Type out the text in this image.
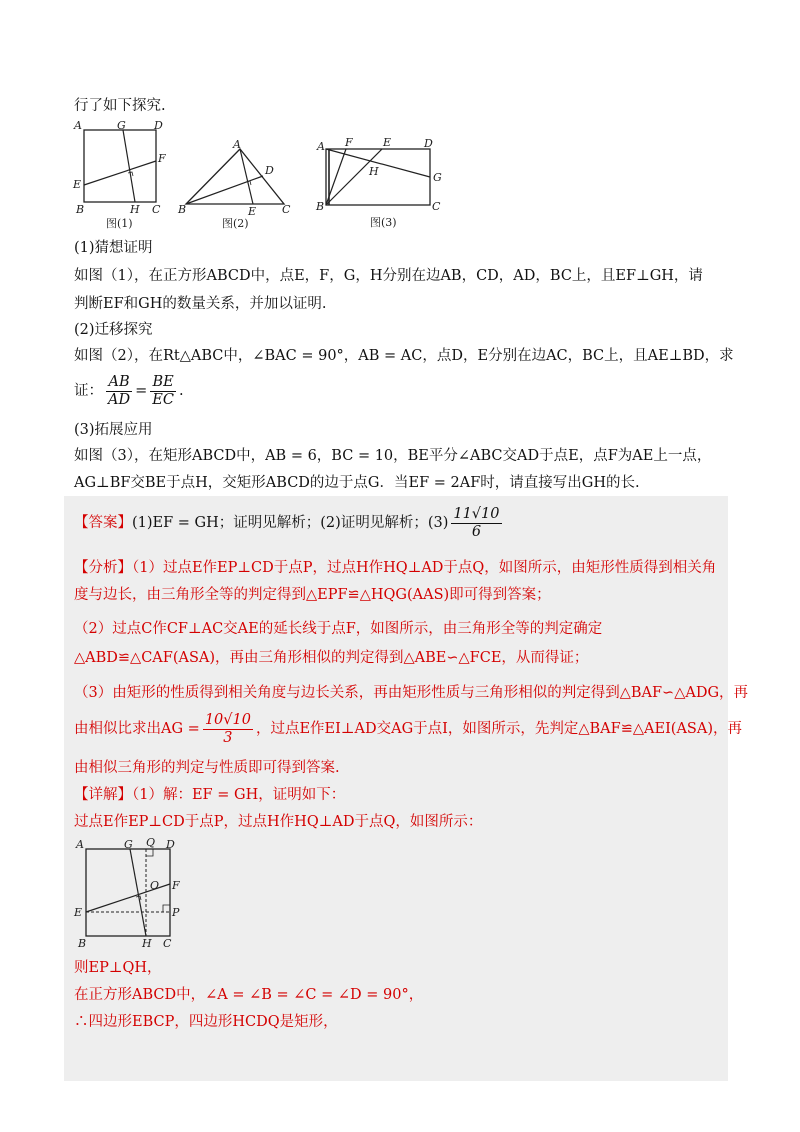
行了如下探究.
A	G	D
F
E
B	H C
图(1)
A
D
B	E C
图(2)
A F	E	D
H	G
B	C
图(3)
(1)猜想证明
如图（1），在正方形ABCD中，点E，F，G，H分别在边AB，CD，AD，BC上，且EF⊥GH，请
判断EF和GH的数量关系，并加以证明.
(2)迁移探究
如图（2），在Rt△ABC中，∠BAC = 90°，AB = AC，点D，E分别在边AC，BC上，且AE⊥BD，求
证： $\frac{AB}{AD} = \frac{BE}{EC}$ .
(3)拓展应用
如图（3），在矩形ABCD中，AB = 6，BC = 10，BE平分∠ABC交AD于点E，点F为AE上一点，
AG⊥BF交BE于点H，交矩形ABCD的边于点G．当EF = 2AF时，请直接写出GH的长.
【答案】(1)EF = GH；证明见解析；(2)证明见解析；$(3) \frac{11√10}{6}$
【分析】（1）过点E作EP⊥CD于点P，过点H作HQ⊥AD于点Q，如图所示，由矩形性质得到相关角
度与边长，由三角形全等的判定得到△EPF≌△HQG(AAS)即可得到答案；
（2）过点C作CF⊥AC交AE的延长线于点F，如图所示，由三角形全等的判定确定
△ABD≌△CAF(ASA)，再由三角形相似的判定得到△ABE∽△FCE，从而得证；
（3）由矩形的性质得到相关角度与边长关系，再由矩形性质与三角形相似的判定得到△BAF∽△ADG，再
由相似比求出AG = $\frac{10√10}{3}$ ，过点E作EI⊥AD交AG于点I，如图所示，先判定△BAF≌△AEI(ASA)，再
由相似三角形的判定与性质即可得到答案.
【详解】（1）解：EF = GH，证明如下：
过点E作EP⊥CD于点P，过点H作HQ⊥AD于点Q，如图所示：
A	G Q D
O F
E	P
B	H C
则EP⊥QH，
在正方形ABCD中，∠A = ∠B = ∠C = ∠D = 90°，
∴四边形EBCP，四边形HCDQ是矩形，
